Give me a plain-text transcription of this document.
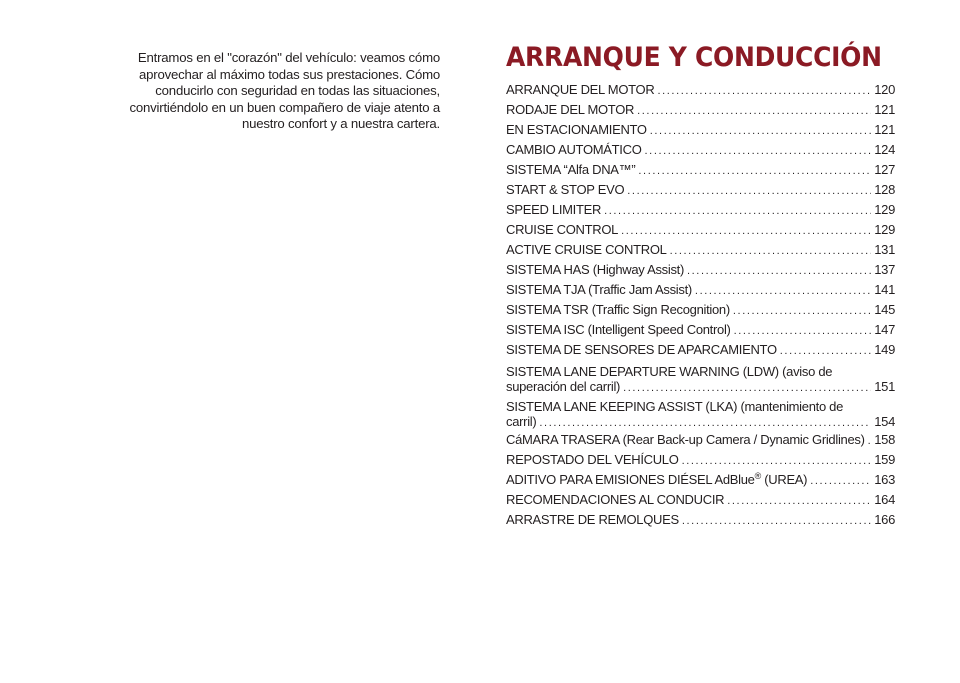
Entramos en el "corazón" del vehículo: veamos cómo
aprovechar al máximo todas sus prestaciones. Cómo
conducirlo con seguridad en todas las situaciones,
convirtiéndolo en un buen compañero de viaje atento a
nuestro confort y a nuestra cartera.
ARRANQUE Y CONDUCCIÓN
ARRANQUE DEL MOTOR .....	120
RODAJE DEL MOTOR .....	121
EN ESTACIONAMIENTO .....	121
CAMBIO AUTOMÁTICO .....	124
SISTEMA “Alfa DNA™” .....	127
START & STOP EVO .....	128
SPEED LIMITER .....	129
CRUISE CONTROL .....	129
ACTIVE CRUISE CONTROL .....	131
SISTEMA HAS (Highway Assist) .....	137
SISTEMA TJA (Traffic Jam Assist) .....	141
SISTEMA TSR (Traffic Sign Recognition) .....	145
SISTEMA ISC (Intelligent Speed Control) .....	147
SISTEMA DE SENSORES DE APARCAMIENTO .....	149
SISTEMA LANE DEPARTURE WARNING (LDW) (aviso de
superación del carril) .....	151
SISTEMA LANE KEEPING ASSIST (LKA) (mantenimiento de
carril) .....	154
CáMARA TRASERA (Rear Back-up Camera / Dynamic Gridlines) ..... 158
REPOSTADO DEL VEHÍCULO .....	159
ADITIVO PARA EMISIONES DIÉSEL AdBlue® (UREA) .....	163
RECOMENDACIONES AL CONDUCIR .....	164
ARRASTRE DE REMOLQUES .....	166
